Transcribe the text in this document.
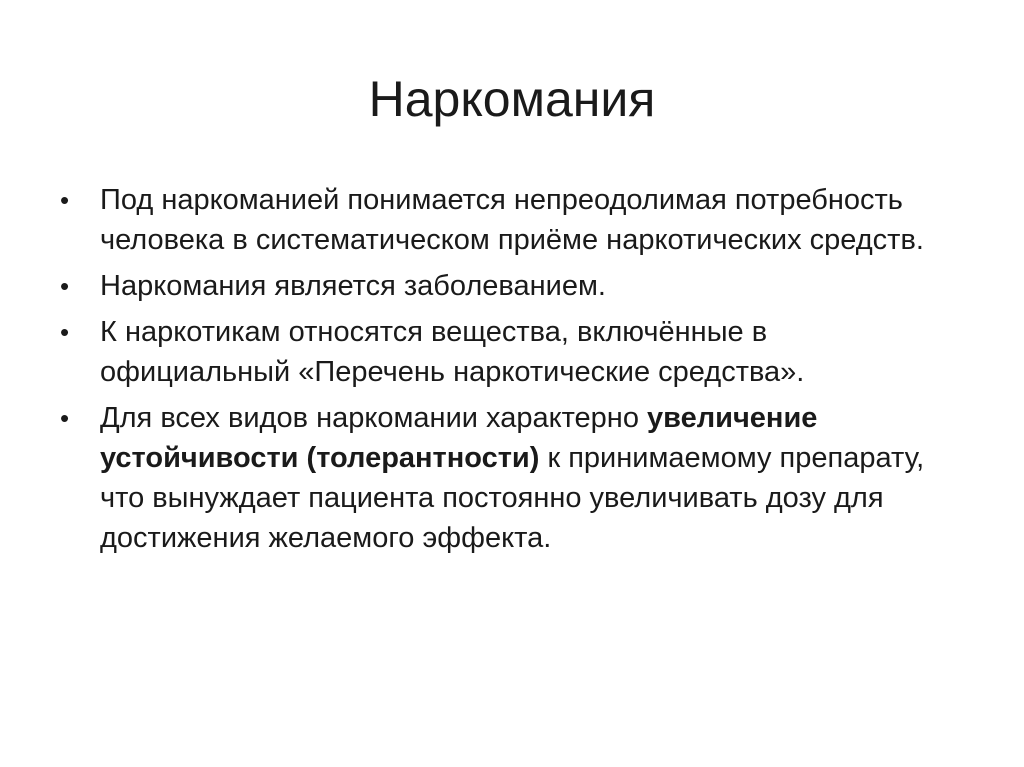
Наркомания
•	Под наркоманией понимается непреодолимая потребность человека в систематическом приёме наркотических средств.
•	Наркомания является заболеванием.
•	К наркотикам относятся вещества, включённые в официальный «Перечень наркотические средства».
•	Для всех видов наркомании характерно увеличение устойчивости (толерантности) к принимаемому препарату, что вынуждает пациента постоянно увеличивать дозу для достижения желаемого эффекта.
